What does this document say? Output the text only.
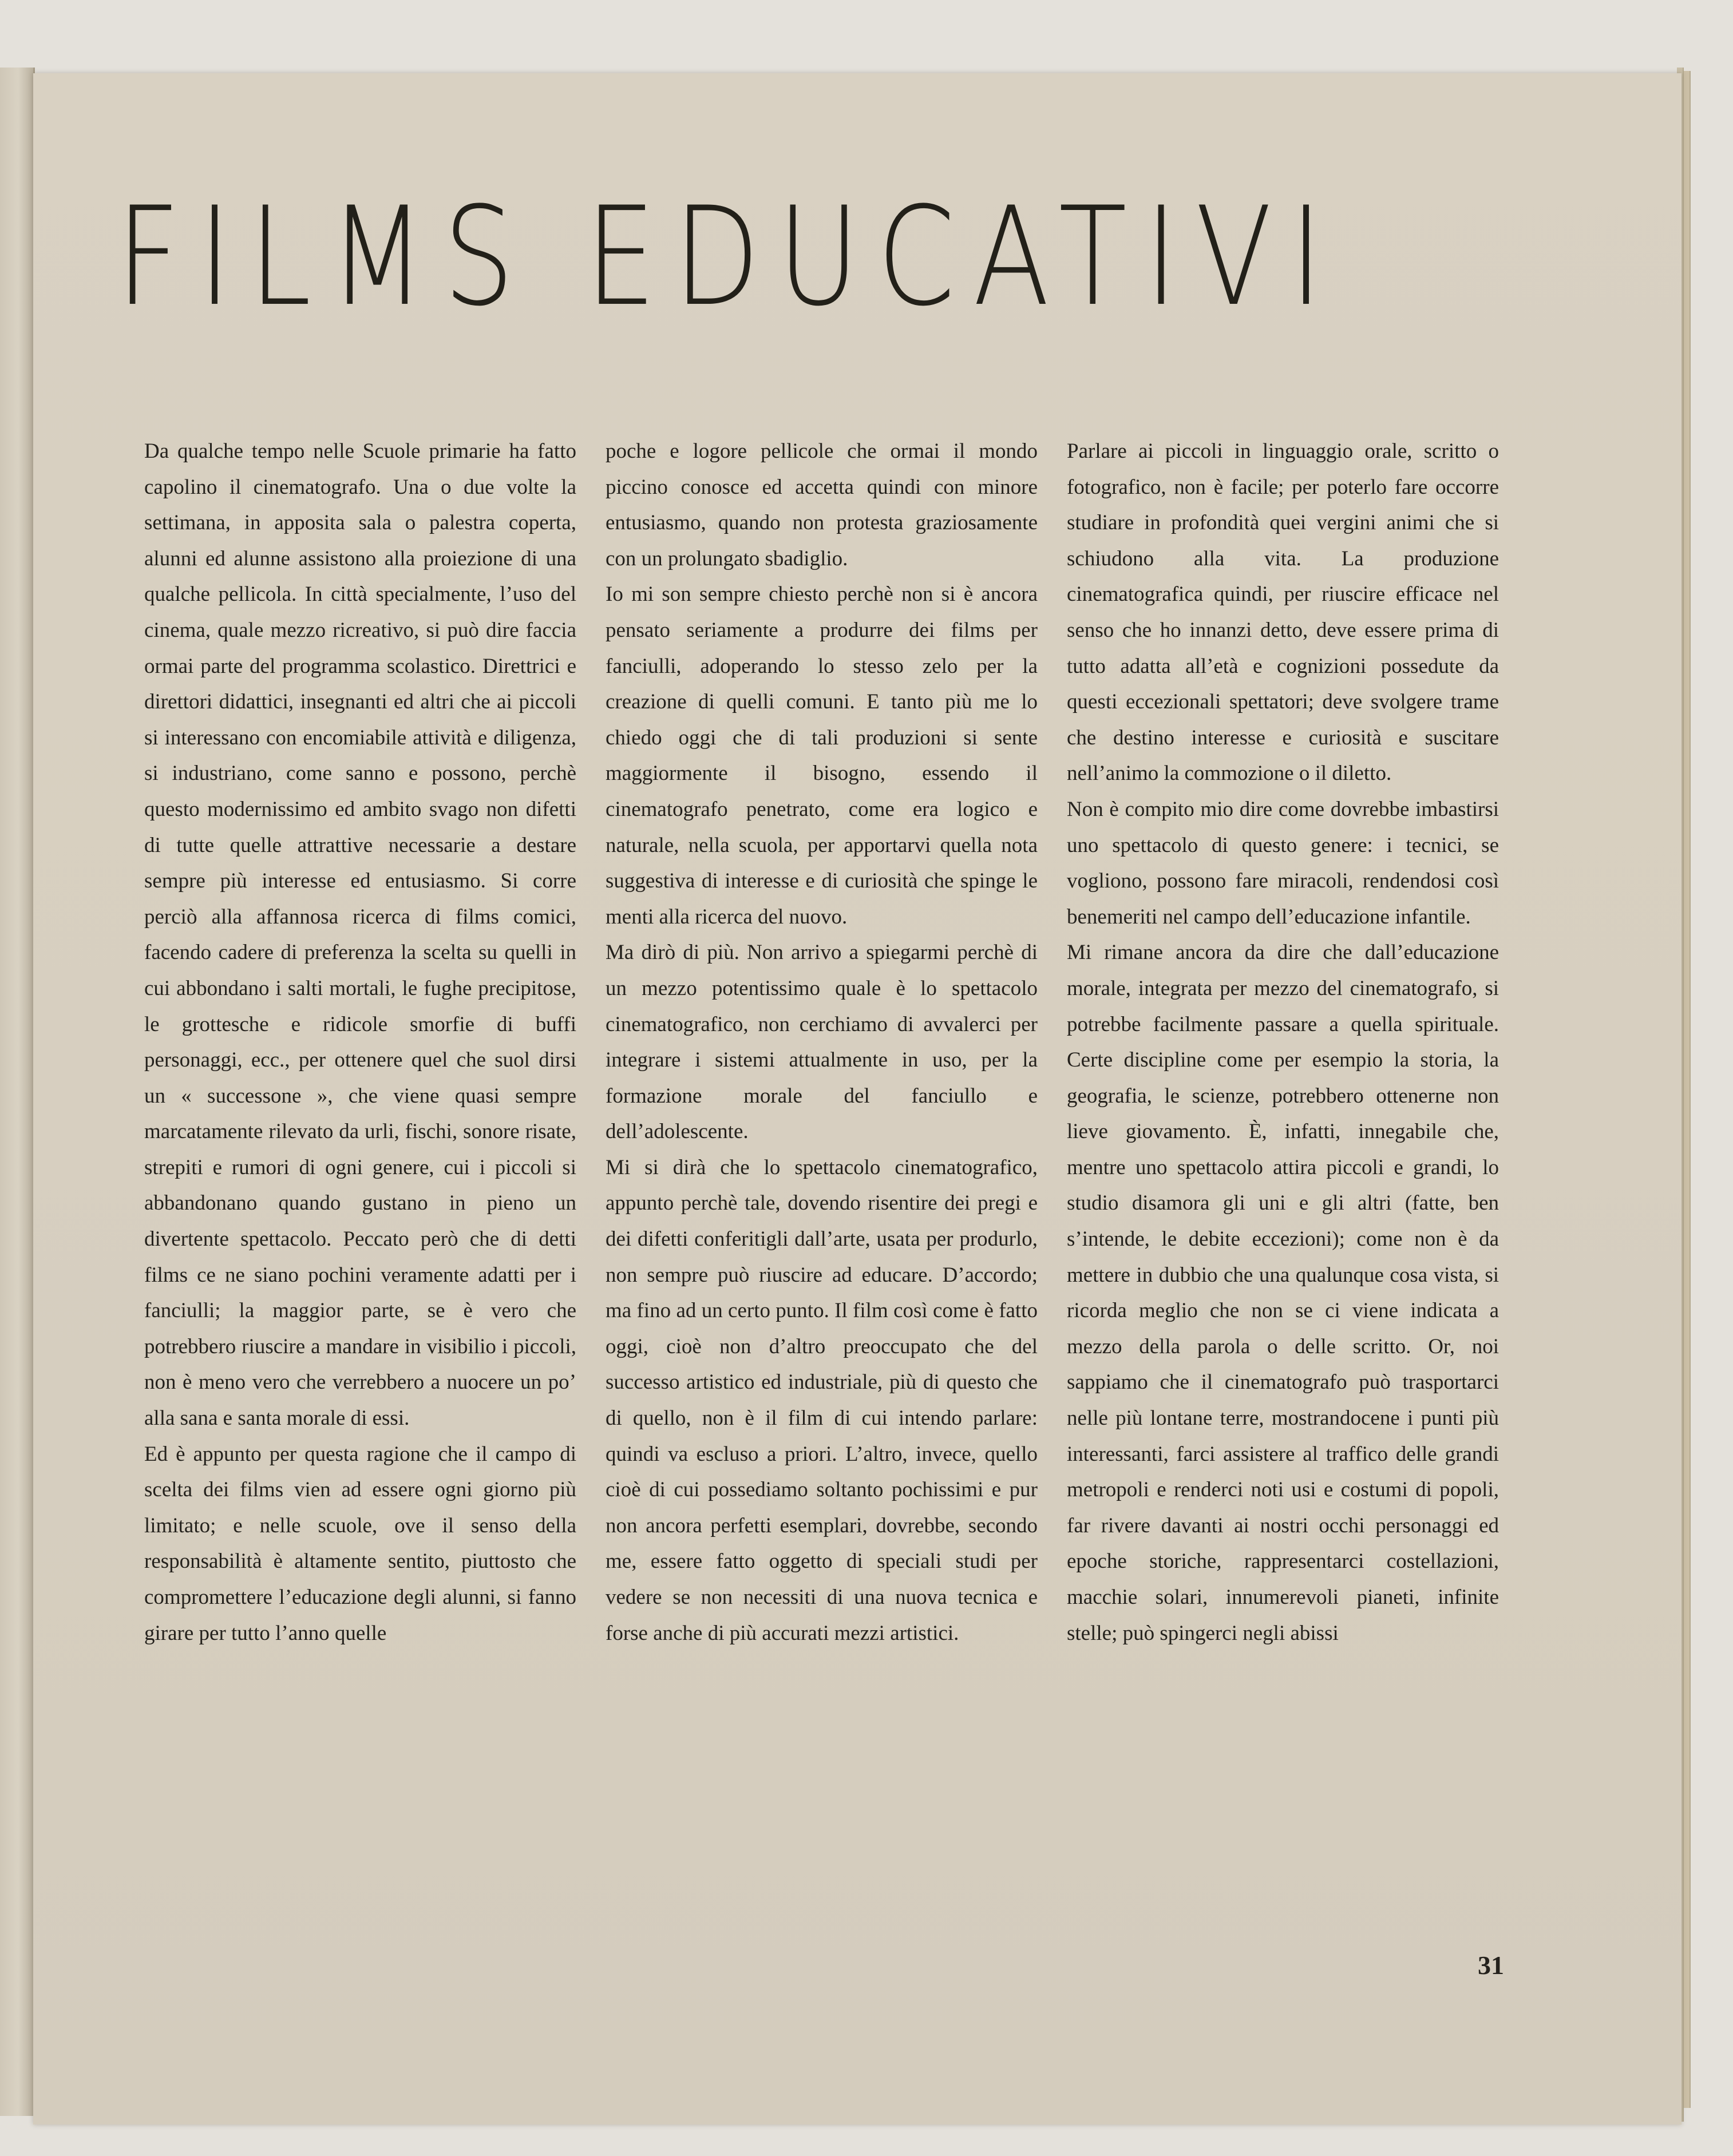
FILMS EDUCATIVI

Da qualche tempo nelle Scuole primarie ha fatto capolino il cinematografo. Una o due volte la settimana, in apposita sala o palestra coperta, alunni ed alunne assistono alla proiezione di una qualche pellicola. In città specialmente, l’uso del cinema, quale mezzo ricreativo, si può dire faccia ormai parte del programma scolastico. Direttrici e direttori didattici, insegnanti ed altri che ai piccoli si interessano con encomiabile attività e diligenza, si industriano, come sanno e possono, perchè questo modernissimo ed ambito svago non difetti di tutte quelle attrattive necessarie a destare sempre più interesse ed entusiasmo. Si corre perciò alla affannosa ricerca di films comici, facendo cadere di preferenza la scelta su quelli in cui abbondano i salti mortali, le fughe precipitose, le grottesche e ridicole smorfie di buffi personaggi, ecc., per ottenere quel che suol dirsi un « successone », che viene quasi sempre marcatamente rilevato da urli, fischi, sonore risate, strepiti e rumori di ogni genere, cui i piccoli si abbandonano quando gustano in pieno un divertente spettacolo. Peccato però che di detti films ce ne siano pochini veramente adatti per i fanciulli; la maggior parte, se è vero che potrebbero riuscire a mandare in visibilio i piccoli, non è meno vero che verrebbero a nuocere un po’ alla sana e santa morale di essi.

Ed è appunto per questa ragione che il campo di scelta dei films vien ad essere ogni giorno più limitato; e nelle scuole, ove il senso della responsabilità è altamente sentito, piuttosto che compromettere l’educazione degli alunni, si fanno girare per tutto l’anno quelle

poche e logore pellicole che ormai il mondo piccino conosce ed accetta quindi con minore entusiasmo, quando non protesta graziosamente con un prolungato sbadiglio.

Io mi son sempre chiesto perchè non si è ancora pensato seriamente a produrre dei films per fanciulli, adoperando lo stesso zelo per la creazione di quelli comuni. E tanto più me lo chiedo oggi che di tali produzioni si sente maggiormente il bisogno, essendo il cinematografo penetrato, come era logico e naturale, nella scuola, per apportarvi quella nota suggestiva di interesse e di curiosità che spinge le menti alla ricerca del nuovo.

Ma dirò di più. Non arrivo a spiegarmi perchè di un mezzo potentissimo quale è lo spettacolo cinematografico, non cerchiamo di avvalerci per integrare i sistemi attualmente in uso, per la formazione morale del fanciullo e dell’adolescente.

Mi si dirà che lo spettacolo cinematografico, appunto perchè tale, dovendo risentire dei pregi e dei difetti conferitigli dall’arte, usata per produrlo, non sempre può riuscire ad educare. D’accordo; ma fino ad un certo punto. Il film così come è fatto oggi, cioè non d’altro preoccupato che del successo artistico ed industriale, più di questo che di quello, non è il film di cui intendo parlare: quindi va escluso a priori. L’altro, invece, quello cioè di cui possediamo soltanto pochissimi e pur non ancora perfetti esemplari, dovrebbe, secondo me, essere fatto oggetto di speciali studi per vedere se non necessiti di una nuova tecnica e forse anche di più accurati mezzi artistici.

Parlare ai piccoli in linguaggio orale, scritto o fotografico, non è facile; per poterlo fare occorre studiare in profondità quei vergini animi che si schiudono alla vita. La produzione cinematografica quindi, per riuscire efficace nel senso che ho innanzi detto, deve essere prima di tutto adatta all’età e cognizioni possedute da questi eccezionali spettatori; deve svolgere trame che destino interesse e curiosità e suscitare nell’animo la commozione o il diletto.

Non è compito mio dire come dovrebbe imbastirsi uno spettacolo di questo genere: i tecnici, se vogliono, possono fare miracoli, rendendosi così benemeriti nel campo dell’educazione infantile.

Mi rimane ancora da dire che dall’educazione morale, integrata per mezzo del cinematografo, si potrebbe facilmente passare a quella spirituale. Certe discipline come per esempio la storia, la geografia, le scienze, potrebbero ottenerne non lieve giovamento. È, infatti, innegabile che, mentre uno spettacolo attira piccoli e grandi, lo studio disamora gli uni e gli altri (fatte, ben s’intende, le debite eccezioni); come non è da mettere in dubbio che una qualunque cosa vista, si ricorda meglio che non se ci viene indicata a mezzo della parola o delle scritto. Or, noi sappiamo che il cinematografo può trasportarci nelle più lontane terre, mostrandocene i punti più interessanti, farci assistere al traffico delle grandi metropoli e renderci noti usi e costumi di popoli, far rivere davanti ai nostri occhi personaggi ed epoche storiche, rappresentarci costellazioni, macchie solari, innumerevoli pianeti, infinite stelle; può spingerci negli abissi

31
